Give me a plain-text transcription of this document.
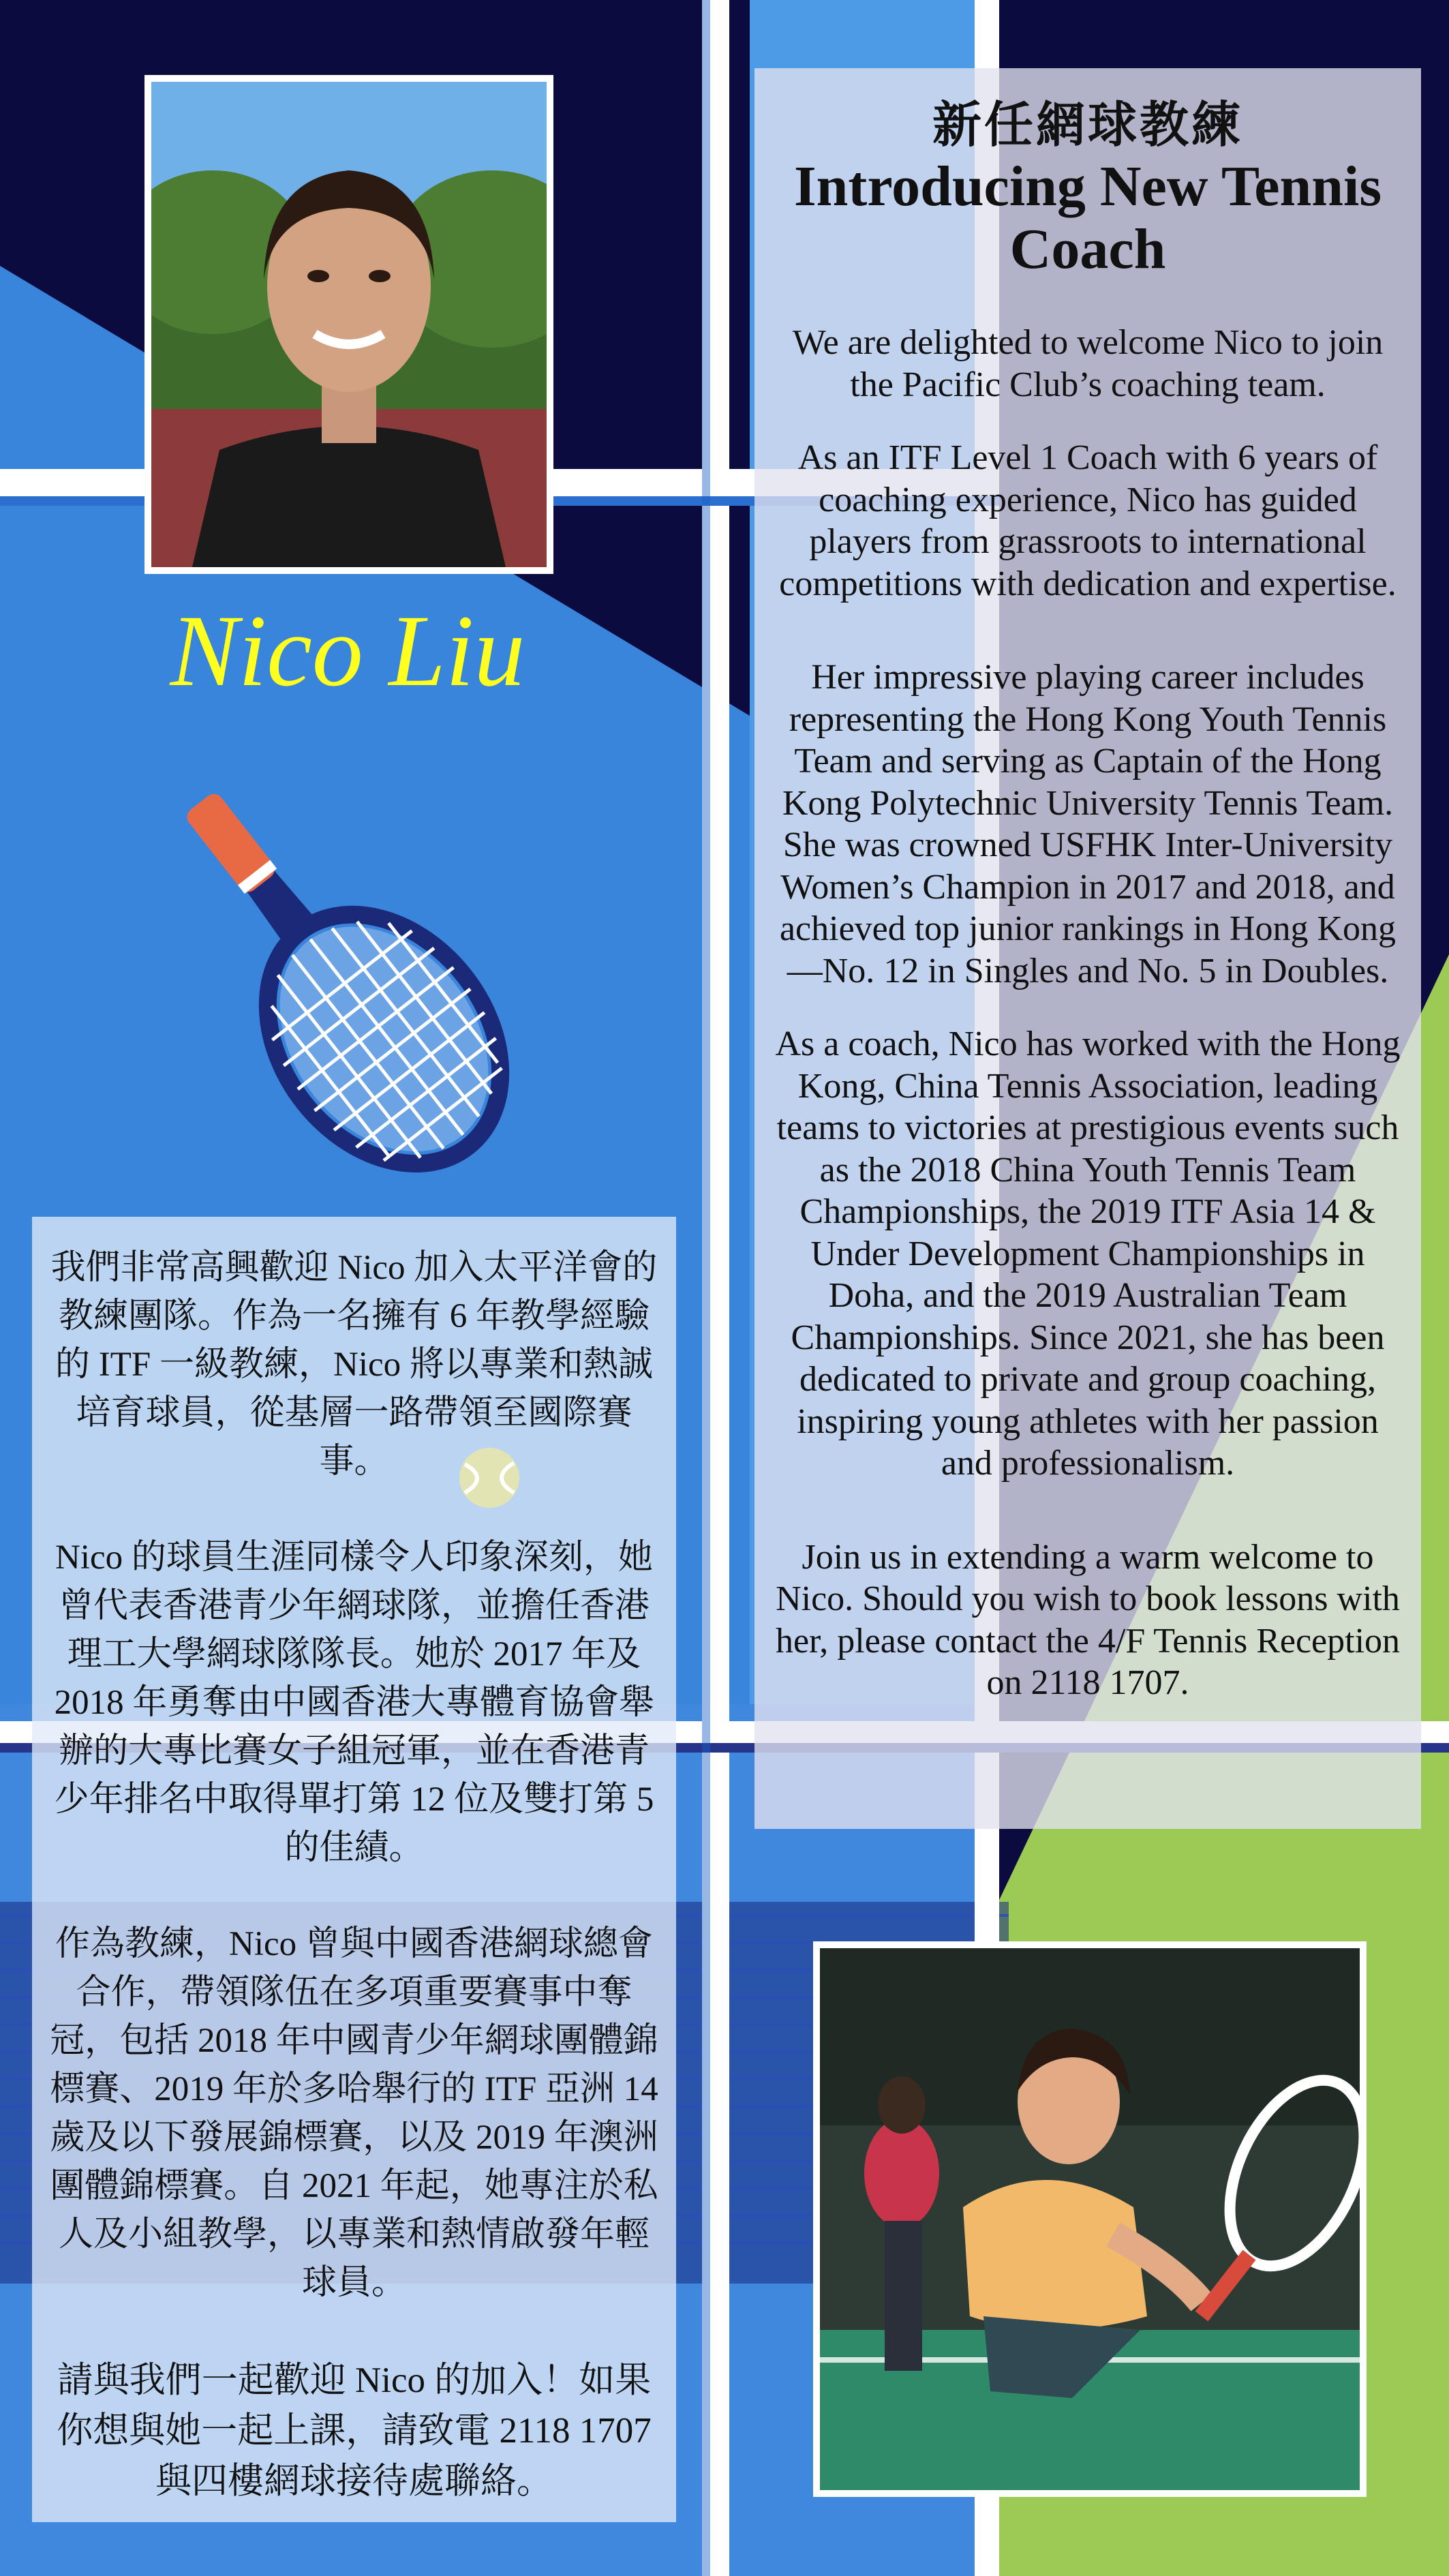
Nico Liu
新任網球教練
Introducing New Tennis Coach

We are delighted to welcome Nico to join the Pacific Club’s coaching team.

As an ITF Level 1 Coach with 6 years of coaching experience, Nico has guided players from grassroots to international competitions with dedication and expertise.

Her impressive playing career includes representing the Hong Kong Youth Tennis Team and serving as Captain of the Hong Kong Polytechnic University Tennis Team. She was crowned USFHK Inter-University Women’s Champion in 2017 and 2018, and achieved top junior rankings in Hong Kong—No. 12 in Singles and No. 5 in Doubles.

As a coach, Nico has worked with the Hong Kong, China Tennis Association, leading teams to victories at prestigious events such as the 2018 China Youth Tennis Team Championships, the 2019 ITF Asia 14 & Under Development Championships in Doha, and the 2019 Australian Team Championships. Since 2021, she has been dedicated to private and group coaching, inspiring young athletes with her passion and professionalism.

Join us in extending a warm welcome to Nico. Should you wish to book lessons with her, please contact the 4/F Tennis Reception on 2118 1707.

我們非常高興歡迎 Nico 加入太平洋會的教練團隊。作為一名擁有 6 年教學經驗的 ITF 一級教練，Nico 將以專業和熱誠培育球員，從基層一路帶領至國際賽事。

Nico 的球員生涯同樣令人印象深刻，她曾代表香港青少年網球隊，並擔任香港理工大學網球隊隊長。她於 2017 年及 2018 年勇奪由中國香港大專體育協會舉辦的大專比賽女子組冠軍，並在香港青少年排名中取得單打第 12 位及雙打第 5 的佳績。

作為教練，Nico 曾與中國香港網球總會合作，帶領隊伍在多項重要賽事中奪冠，包括 2018 年中國青少年網球團體錦標賽、2019 年於多哈舉行的 ITF 亞洲 14 歲及以下發展錦標賽，以及 2019 年澳洲團體錦標賽。自 2021 年起，她專注於私人及小組教學，以專業和熱情啟發年輕球員。

請與我們一起歡迎 Nico 的加入！如果你想與她一起上課，請致電 2118 1707 與四樓網球接待處聯絡。
